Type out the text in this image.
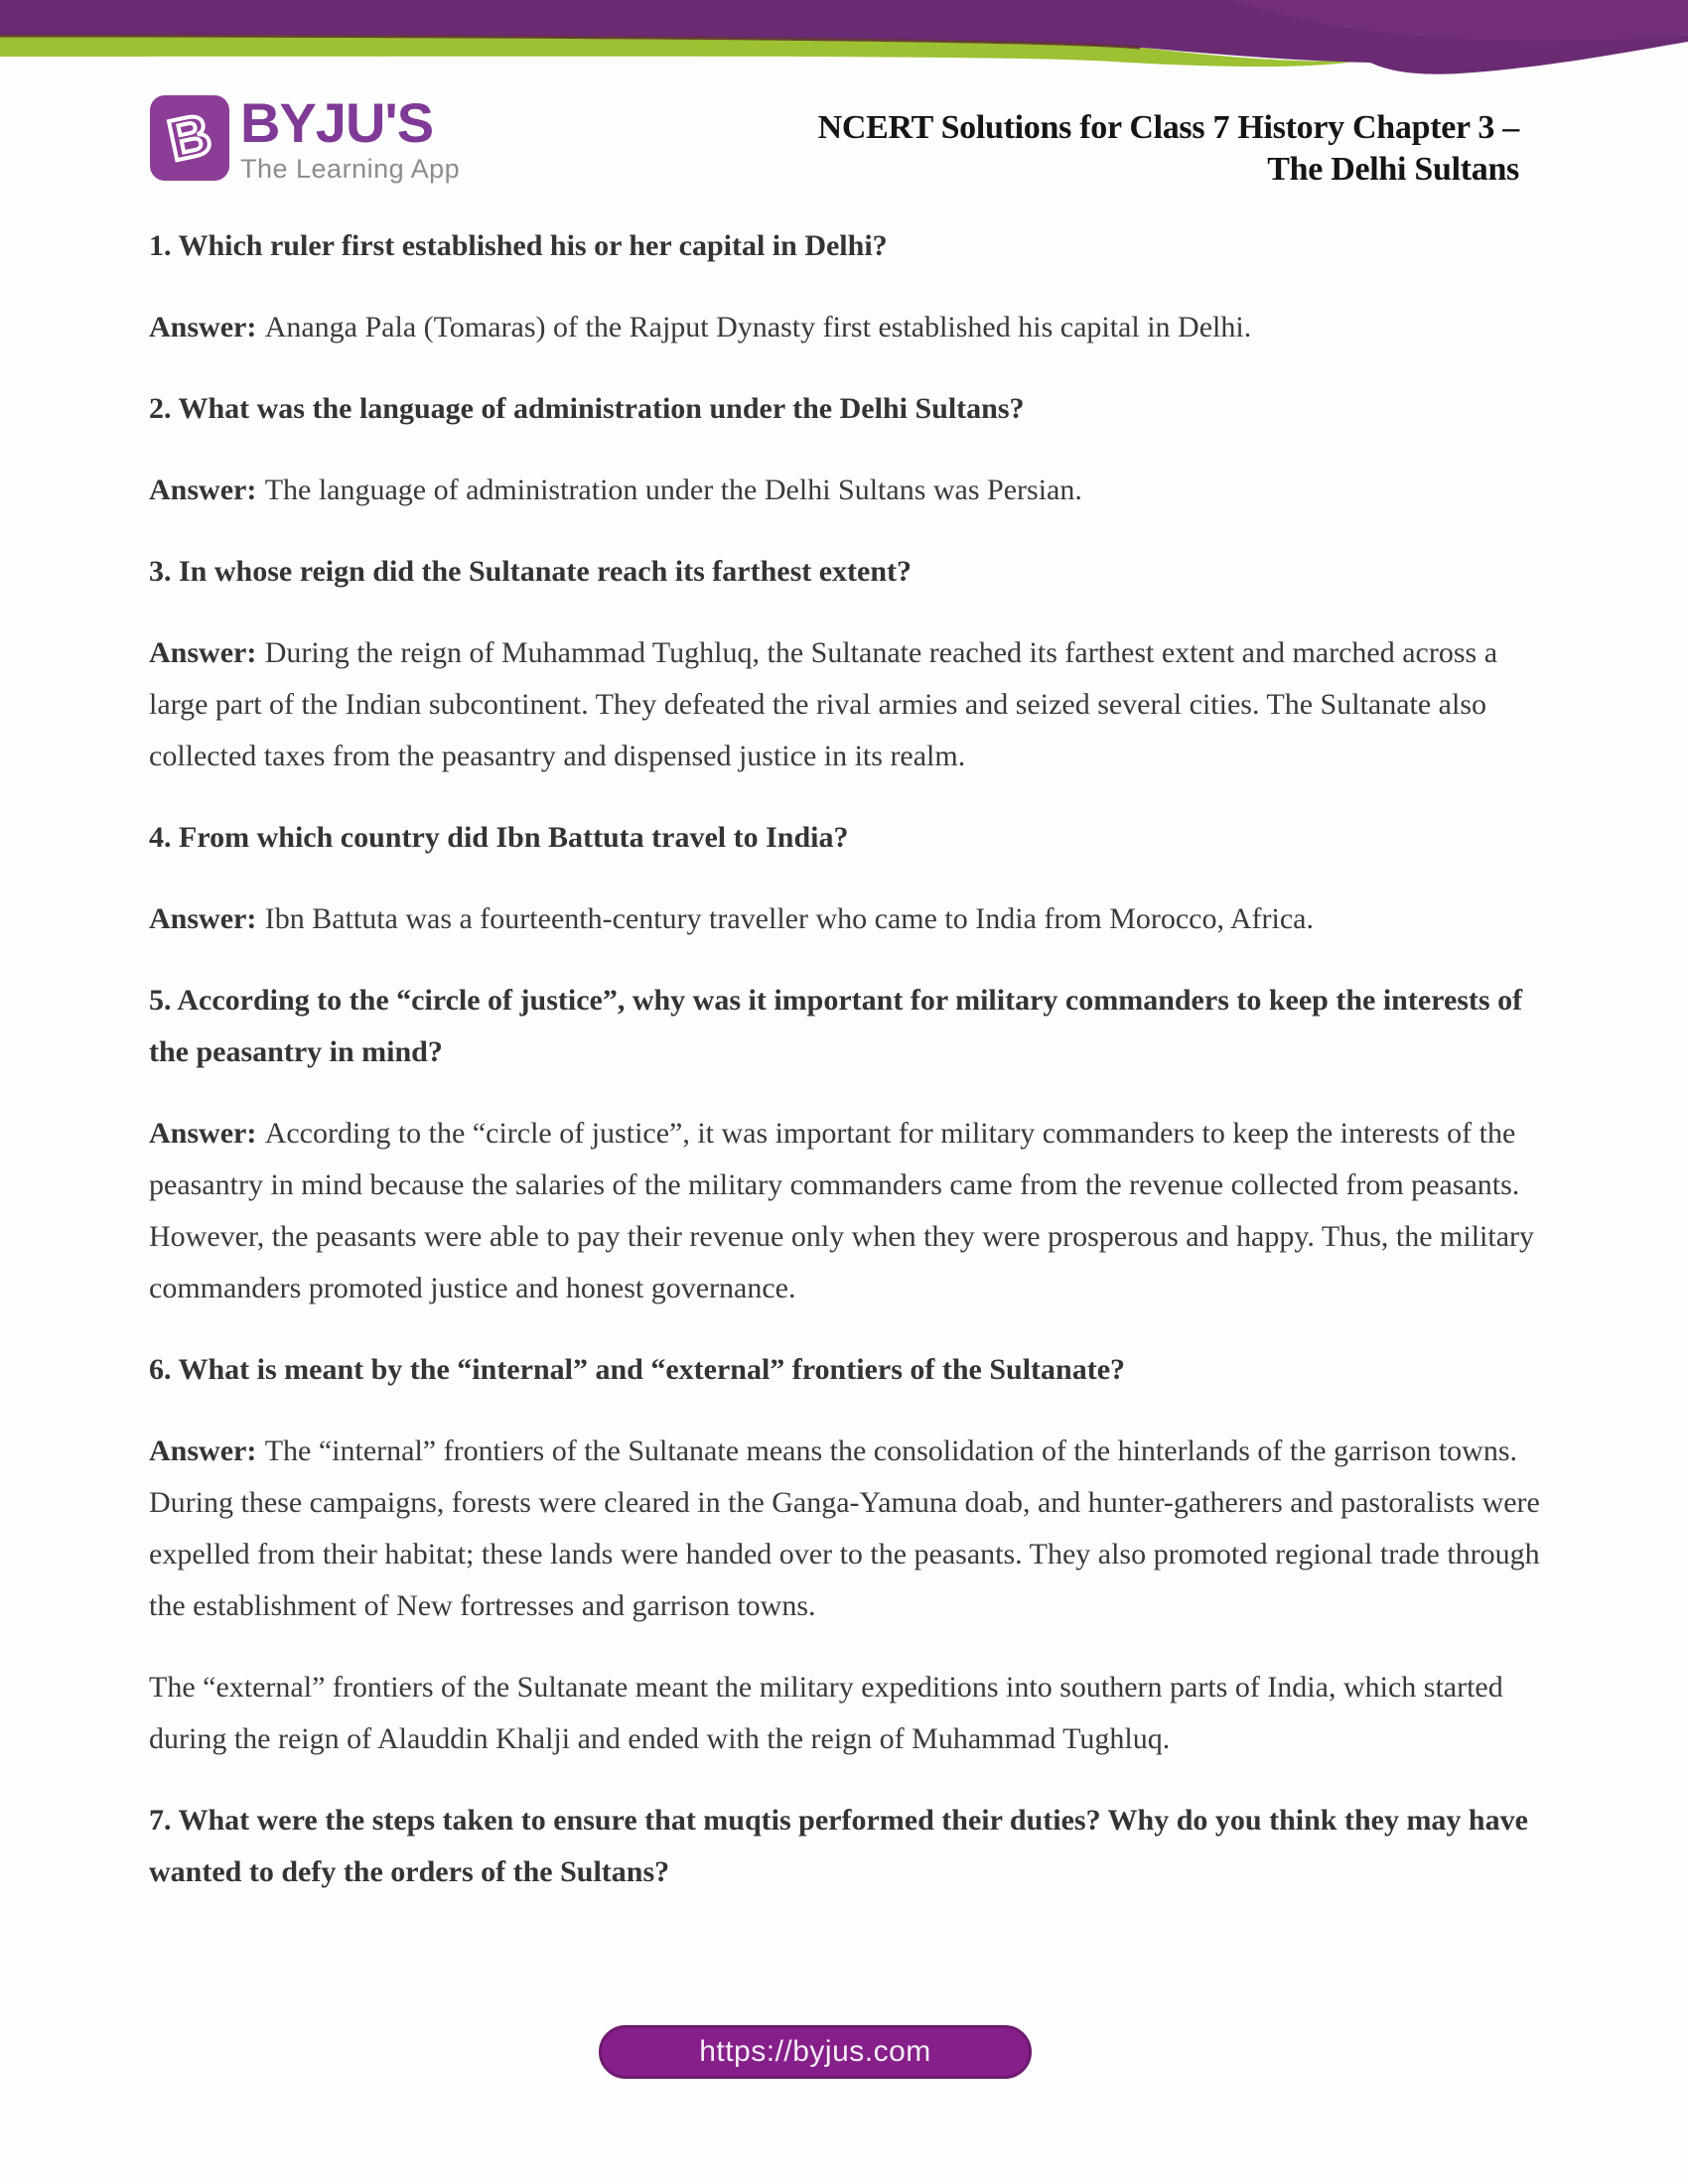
B BYJU'S
The Learning App
NCERT Solutions for Class 7 History Chapter 3 –
The Delhi Sultans

1. Which ruler first established his or her capital in Delhi?

Answer: Ananga Pala (Tomaras) of the Rajput Dynasty first established his capital in Delhi.

2. What was the language of administration under the Delhi Sultans?

Answer: The language of administration under the Delhi Sultans was Persian.

3. In whose reign did the Sultanate reach its farthest extent?

Answer: During the reign of Muhammad Tughluq, the Sultanate reached its farthest extent and marched across a large part of the Indian subcontinent. They defeated the rival armies and seized several cities. The Sultanate also collected taxes from the peasantry and dispensed justice in its realm.

4. From which country did Ibn Battuta travel to India?

Answer: Ibn Battuta was a fourteenth-century traveller who came to India from Morocco, Africa.

5. According to the “circle of justice”, why was it important for military commanders to keep the interests of the peasantry in mind?

Answer: According to the “circle of justice”, it was important for military commanders to keep the interests of the peasantry in mind because the salaries of the military commanders came from the revenue collected from peasants. However, the peasants were able to pay their revenue only when they were prosperous and happy. Thus, the military commanders promoted justice and honest governance.

6. What is meant by the “internal” and “external” frontiers of the Sultanate?

Answer: The “internal” frontiers of the Sultanate means the consolidation of the hinterlands of the garrison towns. During these campaigns, forests were cleared in the Ganga-Yamuna doab, and hunter-gatherers and pastoralists were expelled from their habitat; these lands were handed over to the peasants. They also promoted regional trade through the establishment of New fortresses and garrison towns.

The “external” frontiers of the Sultanate meant the military expeditions into southern parts of India, which started during the reign of Alauddin Khalji and ended with the reign of Muhammad Tughluq.

7. What were the steps taken to ensure that muqtis performed their duties? Why do you think they may have wanted to defy the orders of the Sultans?

https://byjus.com
